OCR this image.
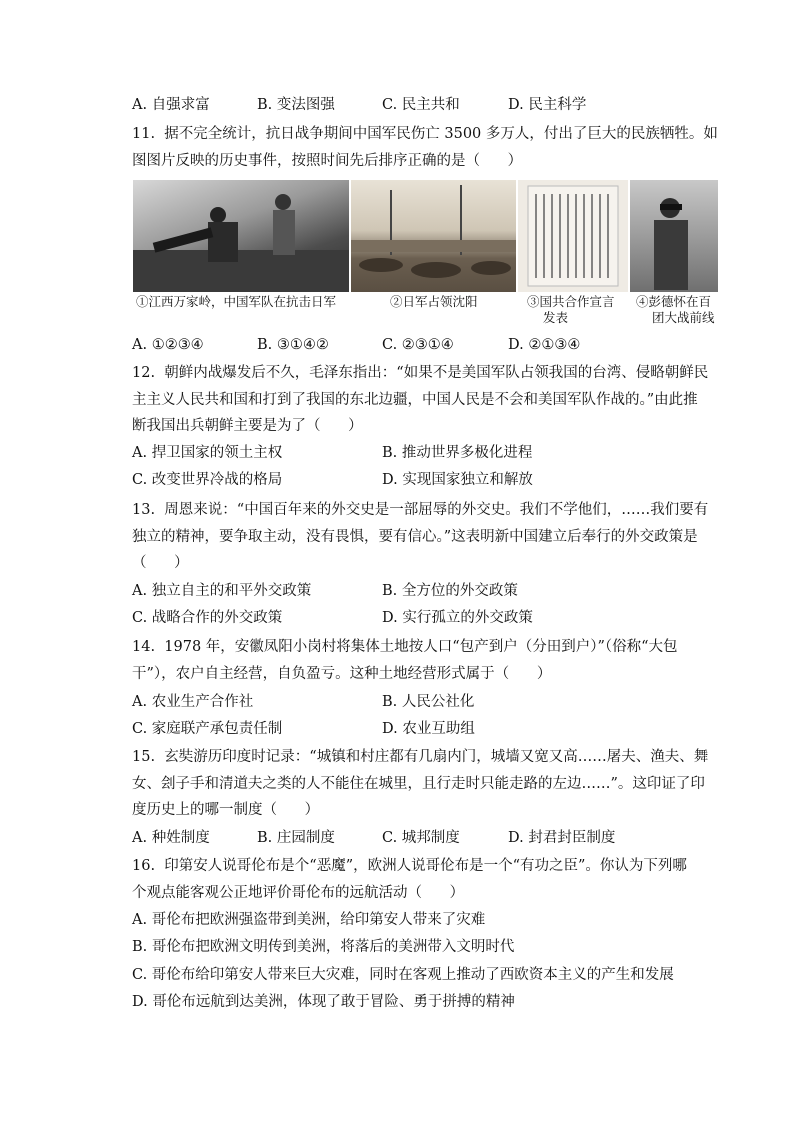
A. 自强求富	B. 变法图强	C. 民主共和	D. 民主科学
11.  据不完全统计，抗日战争期间中国军民伤亡 3500 多万人，付出了巨大的民族牺牲。如
图图片反映的历史事件，按照时间先后排序正确的是（      ）
①江西万家岭，中国军队在抗击日军	②日军占领沈阳	③国共合作宣言
发表
④彭德怀在百
团大战前线
A. ①②③④	B. ③①④②	C. ②③①④	D. ②①③④
12.  朝鲜内战爆发后不久，毛泽东指出：“如果不是美国军队占领我国的台湾、侵略朝鲜民
主主义人民共和国和打到了我国的东北边疆，中国人民是不会和美国军队作战的。”由此推
断我国出兵朝鲜主要是为了（      ）
A. 捍卫国家的领土主权	B. 推动世界多极化进程
C. 改变世界冷战的格局	D. 实现国家独立和解放
13.  周恩来说：“中国百年来的外交史是一部屈辱的外交史。我们不学他们，……我们要有
独立的精神，要争取主动，没有畏惧，要有信心。”这表明新中国建立后奉行的外交政策是
（      ）
A. 独立自主的和平外交政策	B. 全方位的外交政策
C. 战略合作的外交政策	D. 实行孤立的外交政策
14.  1978 年，安徽凤阳小岗村将集体土地按人口“包产到户（分田到户）”（俗称“大包
干”），农户自主经营，自负盈亏。这种土地经营形式属于（      ）
A. 农业生产合作社	B. 人民公社化
C. 家庭联产承包责任制	D. 农业互助组
15.  玄奘游历印度时记录：“城镇和村庄都有几扇内门，城墙又宽又高……屠夫、渔夫、舞
女、刽子手和清道夫之类的人不能住在城里，且行走时只能走路的左边……”。这印证了印
度历史上的哪一制度（      ）
A. 种姓制度	B. 庄园制度	C. 城邦制度	D. 封君封臣制度
16.  印第安人说哥伦布是个“恶魔”，欧洲人说哥伦布是一个“有功之臣”。你认为下列哪
个观点能客观公正地评价哥伦布的远航活动（      ）
A. 哥伦布把欧洲强盗带到美洲，给印第安人带来了灾难
B. 哥伦布把欧洲文明传到美洲，将落后的美洲带入文明时代
C. 哥伦布给印第安人带来巨大灾难，同时在客观上推动了西欧资本主义的产生和发展
D. 哥伦布远航到达美洲，体现了敢于冒险、勇于拼搏的精神
